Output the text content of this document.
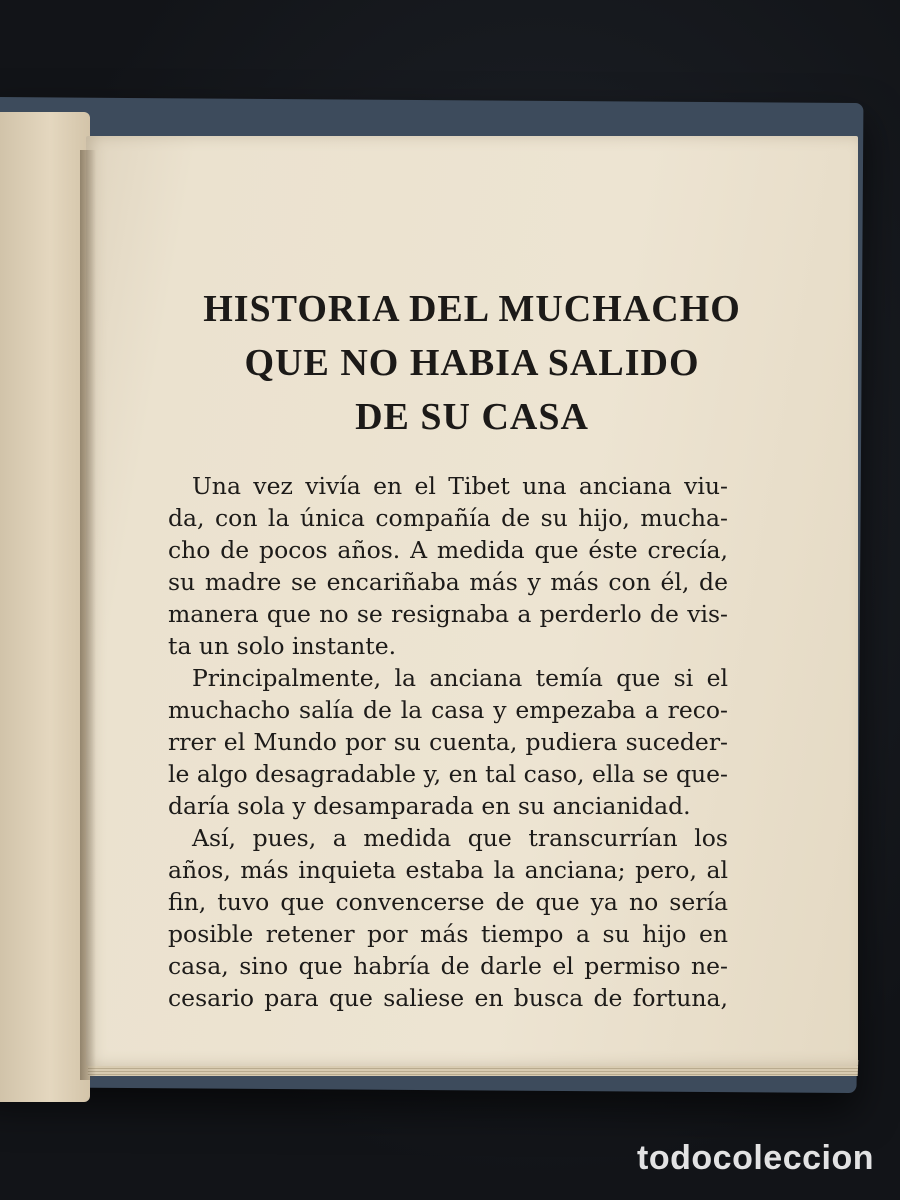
HISTORIA DEL MUCHACHO
QUE NO HABIA SALIDO
DE SU CASA
Una vez vivía en el Tibet una anciana viu-
da, con la única compañía de su hijo, mucha-
cho de pocos años. A medida que éste crecía,
su madre se encariñaba más y más con él, de
manera que no se resignaba a perderlo de vis-
ta un solo instante.
Principalmente, la anciana temía que si el
muchacho salía de la casa y empezaba a reco-
rrer el Mundo por su cuenta, pudiera suceder-
le algo desagradable y, en tal caso, ella se que-
daría sola y desamparada en su ancianidad.
Así, pues, a medida que transcurrían los
años, más inquieta estaba la anciana; pero, al
fin, tuvo que convencerse de que ya no sería
posible retener por más tiempo a su hijo en
casa, sino que habría de darle el permiso ne-
cesario para que saliese en busca de fortuna,
todocoleccion
